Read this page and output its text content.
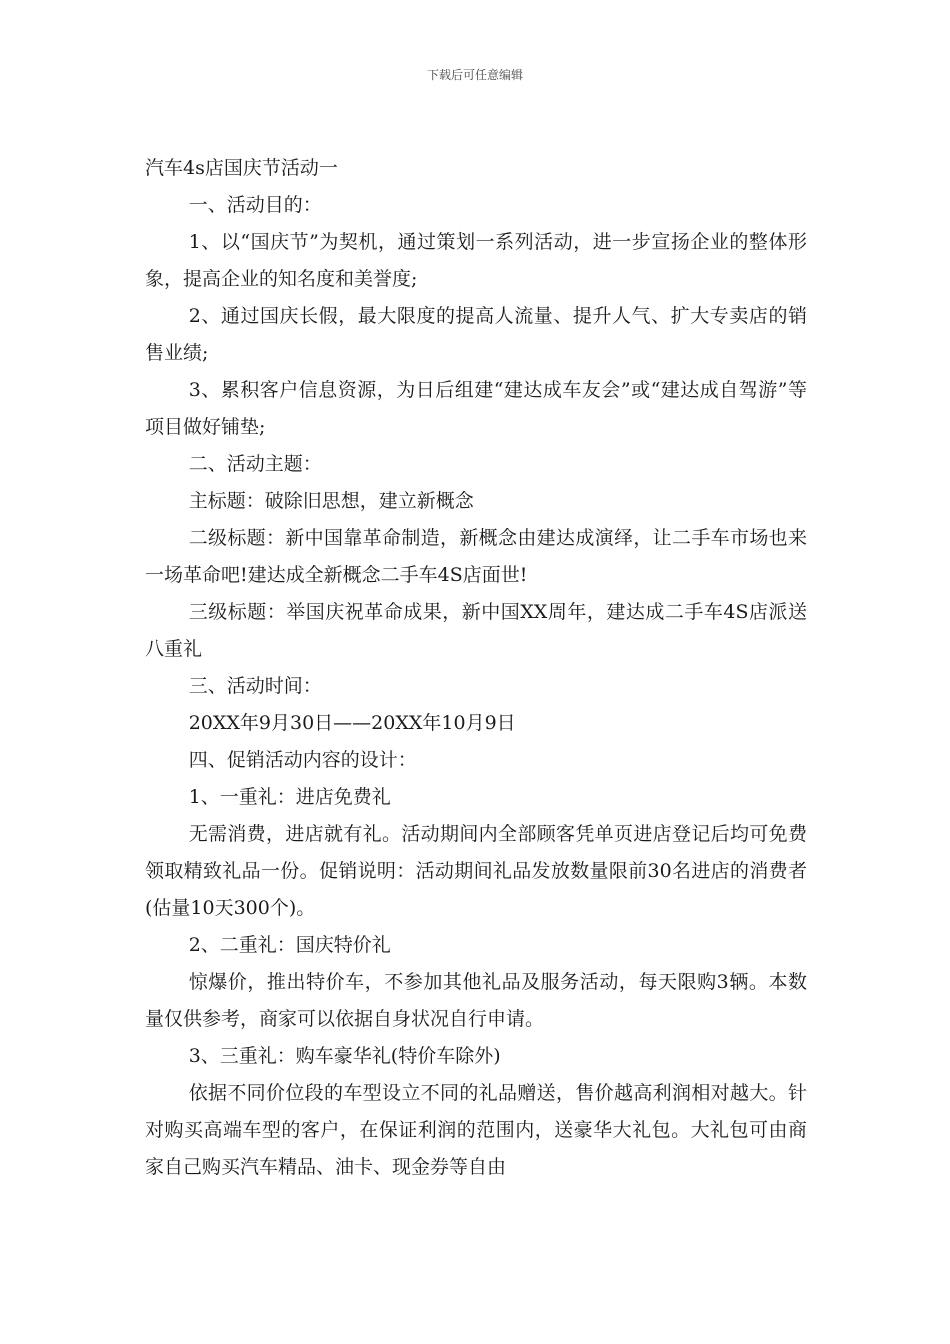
下载后可任意编辑
汽车4s店国庆节活动一

一、活动目的：

1、以“国庆节”为契机，通过策划一系列活动，进一步宣扬企业的整体形象，提高企业的知名度和美誉度;

2、通过国庆长假，最大限度的提高人流量、提升人气、扩大专卖店的销售业绩;

3、累积客户信息资源，为日后组建“建达成车友会”或“建达成自驾游”等项目做好铺垫;

二、活动主题：

主标题：破除旧思想，建立新概念

二级标题：新中国靠革命制造，新概念由建达成演绎，让二手车市场也来一场革命吧!建达成全新概念二手车4S店面世!

三级标题：举国庆祝革命成果，新中国XX周年，建达成二手车4S店派送八重礼

三、活动时间：

20XX年9月30日——20XX年10月9日

四、促销活动内容的设计：

1、一重礼：进店免费礼

无需消费，进店就有礼。活动期间内全部顾客凭单页进店登记后均可免费领取精致礼品一份。促销说明：活动期间礼品发放数量限前30名进店的消费者(估量10天300个)。

2、二重礼：国庆特价礼

惊爆价，推出特价车，不参加其他礼品及服务活动，每天限购3辆。本数量仅供参考，商家可以依据自身状况自行申请。

3、三重礼：购车豪华礼(特价车除外)

依据不同价位段的车型设立不同的礼品赠送，售价越高利润相对越大。针对购买高端车型的客户，在保证利润的范围内，送豪华大礼包。大礼包可由商家自己购买汽车精品、油卡、现金券等自由
